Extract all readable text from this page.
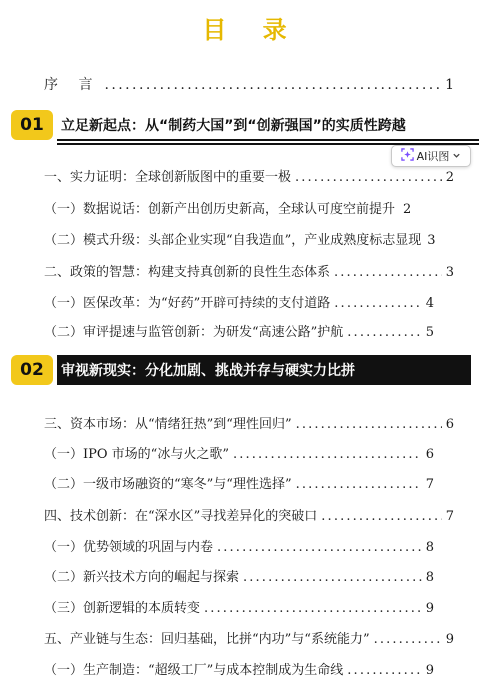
目 录
序 言 . . .	1
01	立足新起点：从“制药大国”到“创新强国”的实质性跨越
AI识图
一、实力证明：全球创新版图中的重要一极 . . .	2
（一）数据说话：创新产出创历史新高，全球认可度空前提升 2
（二）模式升级：头部企业实现“自我造血”，产业成熟度标志显现 3
二、政策的智慧：构建支持真创新的良性生态体系 . . .	3
（一）医保改革：为“好药”开辟可持续的支付道路 . . .	4
（二）审评提速与监管创新：为研发“高速公路”护航 . . .	5
02	审视新现实：分化加剧、挑战并存与硬实力比拼
三、资本市场：从“情绪狂热”到“理性回归” . . .	6
（一）IPO 市场的“冰与火之歌” . . .	6
（二）一级市场融资的“寒冬”与“理性选择” . . .	7
四、技术创新：在“深水区”寻找差异化的突破口 . . .	7
（一）优势领域的巩固与内卷 . . .	8
（二）新兴技术方向的崛起与探索 . . .	8
（三）创新逻辑的本质转变 . . .	9
五、产业链与生态：回归基础，比拼“内功”与“系统能力” . . .	9
（一）生产制造：“超级工厂”与成本控制成为生命线 . . .	9
